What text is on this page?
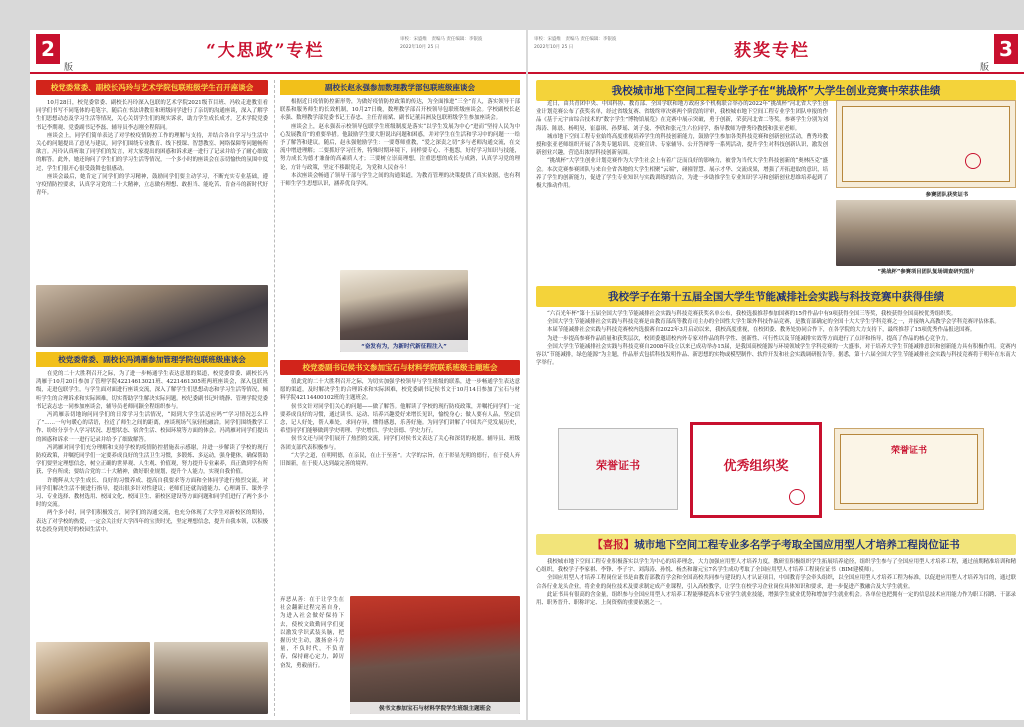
2
版
“大思政”专栏
审校：宋盛维　责编马 责任编辑：李银波
2022年10月 25 日
校党委常委、副校长冯玲与艺术学院包联班级学生召开座谈会

10月28日，校党委常委、副校长冯玲深入包联的艺术学院2021级节目班、冯收走进教室看同学们书写不同笔体的毛笔字，随后在书法讲教室和班级同学进行了亲切的沟通座谈，深入了解学生们思想动态及学习生活等情况，关心关切学生们的现实诉求，助力学生成长成才。艺术学院党委书记李期观、党委副书记李磊、辅导员李志刚全程陪同。

座谈会上，同学们简单表达了对学校疫情防控工作的理解与支持，并结合各自学习与生活中关心的问题提出了意见与建议，同学们围绕专业教育、线下授课、智慧教室、网络保障等问题畅所欲言。冯玲认真听取了同学们的发言，对大家提出的困惑和诉求逐一进行了记录并给予了耐心细致的解答。此外，她还询问了学生们的学习生活等情况，一个多小时的座谈会在亲切愉快的氛围中度过，学生们很开心很受鼓舞也很感动。

座谈会最后，她肯定了同学们的学习精神，鼓励同学们要主动学习，不断充实专业基础，遵守疫情防控要求，认真学习党的二十大精神，立志做有理想、敢担当、能吃苦、肯奋斗的新时代好青年。

校党委常委、副校长冯鸿雁参加管理学院包联班级座谈会

在党的二十大胜利召开之际，为了进一步畅通学生表达意愿的渠道，校党委常委、副校长冯鸿雁于10月20日参加了管理学院42214613021班、4221461305班两班座谈会，深入包联班级，走进包联学生，与学生面对面进行座谈交流，深入了解学生们思想动态和学习生活等情况，倾听学生的合理诉求和实际困难，切实帮助学生解决实际问题。校纪委副书记叶晓静、管理学院党委书记袁志忠一同参加座谈会，辅导员老师同颖全程组织参与。

冯鸿雁亲切地询问同学们的日常学习生活情况，“阅到大学生活适应吗”“学习情况怎么样了”……一句句暖心的话语，拉近了师生之间的距离，座谈现场气氛轻松融洽。同学们围绕教学工作、纷纷分享个人学习状况、思想状态、宿舍生活、校园环境等方面的体会。冯鸿雁对同学们提出的困惑和诉求一一进行记录并给予了细致解答。

冯鸿雁对同学们充分理解和支持学校的疫情防控措施表示感谢，并进一步解读了学校的现行防疫政策，并嘱托同学们一定要养成良好的生活卫生习惯，多锻炼、多运动，强身健体，确保帮助学们要坚定理想信念，树立正确的世界观、人生观、价值观，努力提升专业素养，真正做到学有所获、学有所成；要结合党的二十大精神，做好职业规划，提升个人能力，实现自我价值。

许晓辉从大学生成长、良好的习惯养成、提高自我要求等方面和全体同学进行热烈交流，对同学们解决生活不便进行指导，提出很多针对性建议；老师们还就沟通能力、心理调节、课外学习、专业选择、教材选用、校园文化、校园卫生、新校区建设等方面问题和同学们进行了两个多小时的交流。

两个多小时，同学们积极发言，同学们的沟通交流，也充分体现了大学生对新校区的期待，表达了对学校的热爱，一定会关注好大学四年的宝贵时光，坚定理想信念，提升自我本领，以积极状态投身到美好的校园生活中。

副校长赵永强参加数理教学部包联班级座谈会

根据近日疫情防控新形势，为做好疫情防控政策的传达，为全面推进“三全”育人，落实领导干部联系和服务师生的长效机制，10月27日晚，数理教学部召开校领导包联班级座谈会。学校副校长赵永强、数理教学部党委书记王春忠、主任青雨斌、副书记董昌洲及包联班级学生参加座谈会。

座谈会上，赵永强表示校领导包联学生班级制度是落实“以学生发展为中心”进而“坚持人民为中心发展教育”的重要举措。他鼓励学生要大胆说出问题和困惑，并对学生在生活和学习中的问题一一给予了解答和建议。随后，赵永强勉励学生：一要尊师重教，“爱之深责之切”多与老师沟通交流，在交流中增进理解；二要抓好学习任务，特殊时期环境下，同样要专心、不抱怨，好好学习知识与技能，努力成长为德才兼备的高素质人才；三要树立崇高理想，注重思想的成长与成熟，认真学习党的理论，方针与政策，坚定不移跟党走，为党和人民奋斗！

本次座谈会畅通了领导干部与学生之间的沟通渠道，为教育管理的决策提供了真实依据，也有利于师生学生思想认识，涵养优良学风。

“奋发有为，为新时代新征程注入”
校党委副书记侯书文参加宝石与材料学院联系班级主题班会

值此党的二十大胜利召开之际，为切实加强学校领导与学生班级的联系，进一步畅通学生表达意愿的渠道，及时解决学生的合理诉求和实际困难，校党委副书记侯书文于10月14日参加了宝石与材料学院42114400102班的主题班会。

侯书文针对同学们关心的问题——做了解答。他解读了学校的现行防疫政策，并嘱托同学们一定要养成良好的习惯，通过读书、运动、培养兴趣爱好来增长见识，愉悦身心；做人要有人品，坚定信念，记人好处，帮人难处，求同存异，懂得感恩，乐善好施。为同学们讲解了中国共产党发展历史，希望同学们能够做到学史明理、学史增信、学史崇德、学史力行。

侯书文还与同学们展开了热烈的交流，同学们对侯书文表达了关心和深切的祝愿。辅导员、班级各团支部代表积极参与。

“大学之道，在明明德，在亲民，在止于至善”。大学的宗旨，在于彰显光明的德行，在于使人弃旧图新，在于使人达到最完善的境界。

弃恶从善：在于让学生在社会翻新过程完善自身，为进入社会做好保持下去，使校文致勤同学们更以激发学识武装头脑，把握历史主动，激扬奋斗力量，不负时代，不负青春，保持耐心定力，踔厉奋发，勇毅前行。

侯书文参加宝石与材料学院学生班级主题班会
审校：宋盛维　责编马 责任编辑：李银波
2022年10月 25 日	获奖专栏
版
3
我校城市地下空间工程专业学子在“挑战杯”大学生创业竞赛中荣获佳绩

近日，由共青团中央、中国科协、教育部、全国学联和地方政府多个机构联合举办的2022年“挑战杯”河北省大学生创业计划竞赛公布了获奖名单，经过省级复赛、省级终审决赛两个阶段的评审，我校城市地下空间工程专业学生团队申报的作品《基于元宇宙综合技术的“数字学生”博物馆展览》在竞赛中展示突破，勇于创新，荣获河北省二等奖。参赛学生分别为刘海涛、陈晨、杨明昊、崔嘉琪、孙梦瑶、刘子曼、李欣和张元生六位同学，指导教师为曹秀玲教授和张亚老师。

城市地下空间工程专业始终高度重视培养学生的科技创新能力，鼓励学生参加各类科技竞赛和创新创业活动，曹秀玲教授和张亚老师组织开展了各类专题培训、竞赛宣讲、专家辅导、公开答辩等一系列活动，提升学生对科技创新认识，激发创新创业兴趣，营造出浓厚科技创新氛围。

“挑战杯”大学生创业计划竞赛作为大学生社会上有着广泛而良好的影响力，被誉为当代大学生科技创新的“奥林匹克”盛会。本次竞赛参赛团队与来自全省各地的大学生相聚“云端”，碰撞智慧、展示才华、交流成果，增强了开拓进取的意识，培养了学生的创新能力，促进了学生专业知识与实践训练的结合，为进一步助推学生专业知识学习和创新创业思维培养起到了极大推动作用。

参赛团队获奖证书
“挑战杯”参赛项目团队复场调查研究图片
我校学子在第十五届全国大学生节能减排社会实践与科技竞赛中获得佳绩

“六百光年杯”第十五届全国大学生节能减排社会实践与科技竞赛获奖名单公布，我校选拔推荐参加国赛的15件作品中有9项获得全国三等奖，我校获得全国高校优秀组织奖。

全国大学生节能减排社会实践与科技竞赛是由教育部高等教育司主办的全国性大学生课外科技作品竞赛，是教育部确定的全国十大大学生学科竞赛之一，并接纳入高教学会学科竞赛评估体系。

本届节能减排社会实践与科技竞赛校内选拔赛自2022年3月启动以来，我校高度重视，在校团委、教务处协同合作下，在各学院的大力支持下，最终推荐了15项优秀作品报送国赛。

为进一步提高参赛作品质量和获奖层次，校团委邀请校内外专家对作品的科学性、创新性、可行性以及节能减排实效等方面进行了点评和指导，提高了作品的核心竞争力。

全国大学生节能减排社会实践与科技竞赛自2008年设立以来已成功举办15届，是我国高校能源与环境领域学生学科竞赛的一大盛事，对于培养大学生节能减排意识和创新能力具有积极作用。竞赛内容以“节能减排，绿色能源”为主题，作品形式包括科技发明作品、新思想的实物或模型制作、软件开发和社会实践调研报告等。据悉，第十六届全国大学生节能减排社会实践与科技竞赛将于明年在东南大学举行。

荣誉证书	优秀组织奖
荣誉证书
【喜报】城市地下空间工程专业多名学子考取全国应用型人才培养工程岗位证书

我校城市地下空间工程专业积极落实以学生为中心的培养理念，大力加强应用型人才培养力度，教研室积极组织学生拓展培养途径，组织学生参与了全国应用型人才培养工程，通过前期精准培训和精心组织，我校学子李家祺、李铮、李子宇、刘海涛、孙悦、杨杰和谢元宝7名学生成功考取了全国应用型人才培养工程岗位证书（BIM建模师）。

全国应用型人才培养工程岗位证书是由教育部教育学会和全国高校共同参与建设的人才认证项目，中国教育学会牵头组织，以全国应用型人才培养工程为标准，以促进应用型人才培养为目的，通过联合各行业龙头企业，将企业的岗位技术及要求制定成产业课程，引入高校教学，让学生在校学习企业岗位具体知识和要求，进一步促进产教融合及大学生就业。

此证书具有很高的含金量，组织参与全国应用型人才培养工程能够提高本专业学生就业技能，增强学生就业优势和增加学生就业机会。各单位也把拥有一定的信息技术应用能力作为职工招聘、干部录用、职务晋升、职称评定、上岗资格的重要依据之一。
